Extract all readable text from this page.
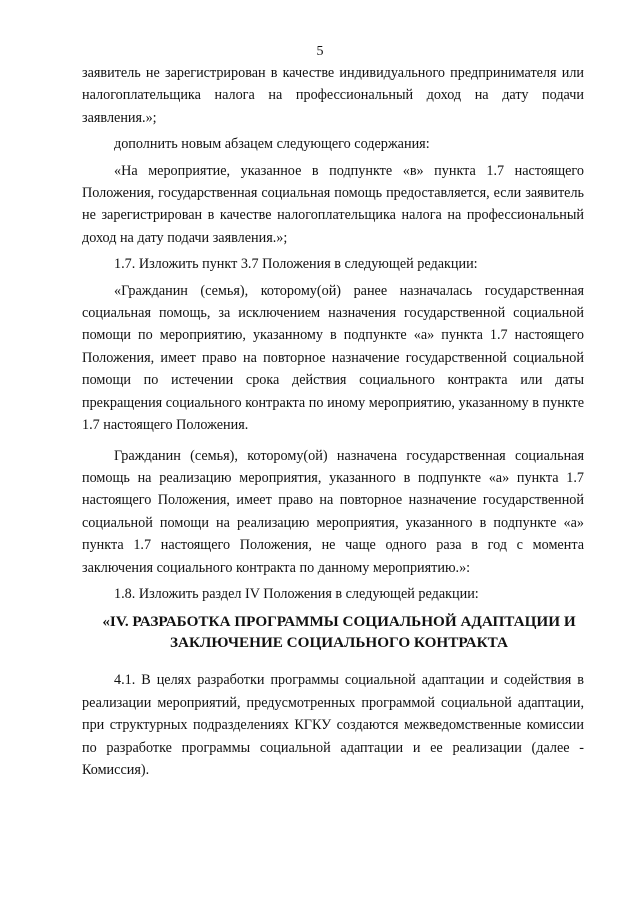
5

заявитель не зарегистрирован в качестве индивидуального предпринимателя или налогоплательщика налога на профессиональный доход на дату подачи заявления.»;

дополнить новым абзацем следующего содержания:

«На мероприятие, указанное в подпункте «в» пункта 1.7 настоящего Положения, государственная социальная помощь предоставляется, если заявитель не зарегистрирован в качестве налогоплательщика налога на профессиональный доход на дату подачи заявления.»;

1.7. Изложить пункт 3.7 Положения в следующей редакции:

«Гражданин (семья), которому(ой) ранее назначалась государственная социальная помощь, за исключением назначения государственной социальной помощи по мероприятию, указанному в подпункте «а» пункта 1.7 настоящего Положения, имеет право на повторное назначение государственной социальной помощи по истечении срока действия социального контракта или даты прекращения социального контракта по иному мероприятию, указанному в пункте 1.7 настоящего Положения.

Гражданин (семья), которому(ой) назначена государственная социальная помощь на реализацию мероприятия, указанного в подпункте «а» пункта 1.7 настоящего Положения, имеет право на повторное назначение государственной социальной помощи на реализацию мероприятия, указанного в подпункте «а» пункта 1.7 настоящего Положения, не чаще одного раза в год с момента заключения социального контракта по данному мероприятию.»:

1.8. Изложить раздел IV Положения в следующей редакции:

«IV. РАЗРАБОТКА ПРОГРАММЫ СОЦИАЛЬНОЙ АДАПТАЦИИ И
ЗАКЛЮЧЕНИЕ СОЦИАЛЬНОГО КОНТРАКТА

4.1. В целях разработки программы социальной адаптации и содействия в реализации мероприятий, предусмотренных программой социальной адаптации, при структурных подразделениях КГКУ создаются межведомственные комиссии по разработке программы социальной адаптации и ее реализации (далее - Комиссия).
